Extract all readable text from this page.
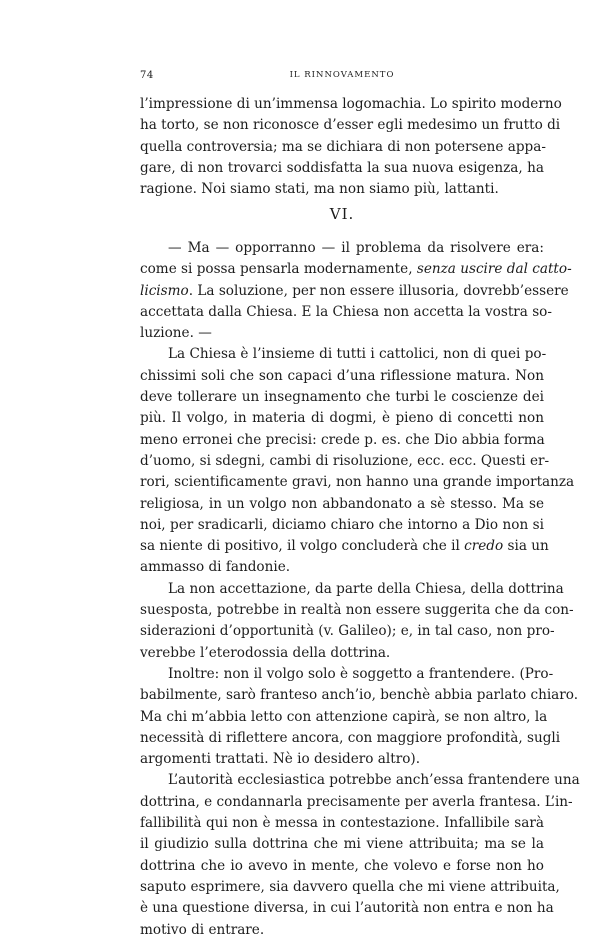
74	IL RINNOVAMENTO
l’impressione di un’immensa logomachia. Lo spirito moderno
ha torto, se non riconosce d’esser egli medesimo un frutto di
quella controversia; ma se dichiara di non potersene appa-
gare, di non trovarci soddisfatta la sua nuova esigenza, ha
ragione. Noi siamo stati, ma non siamo più, lattanti.
VI.
— Ma — opporranno — il problema da risolvere era:
come si possa pensarla modernamente, senza uscire dal catto-
licismo. La soluzione, per non essere illusoria, dovrebb’essere
accettata dalla Chiesa. E la Chiesa non accetta la vostra so-
luzione. —
La Chiesa è l’insieme di tutti i cattolici, non di quei po-
chissimi soli che son capaci d’una riflessione matura. Non
deve tollerare un insegnamento che turbi le coscienze dei
più. Il volgo, in materia di dogmi, è pieno di concetti non
meno erronei che precisi: crede p. es. che Dio abbia forma
d’uomo, si sdegni, cambi di risoluzione, ecc. ecc. Questi er-
rori, scientificamente gravi, non hanno una grande importanza
religiosa, in un volgo non abbandonato a sè stesso. Ma se
noi, per sradicarli, diciamo chiaro che intorno a Dio non si
sa niente di positivo, il volgo concluderà che il credo sia un
ammasso di fandonie.
La non accettazione, da parte della Chiesa, della dottrina
suesposta, potrebbe in realtà non essere suggerita che da con-
siderazioni d’opportunità (v. Galileo); e, in tal caso, non pro-
verebbe l’eterodossia della dottrina.
Inoltre: non il volgo solo è soggetto a frantendere. (Pro-
babilmente, sarò franteso anch’io, benchè abbia parlato chiaro.
Ma chi m’abbia letto con attenzione capirà, se non altro, la
necessità di riflettere ancora, con maggiore profondità, sugli
argomenti trattati. Nè io desidero altro).
L’autorità ecclesiastica potrebbe anch’essa frantendere una
dottrina, e condannarla precisamente per averla frantesa. L’in-
fallibilità qui non è messa in contestazione. Infallibile sarà
il giudizio sulla dottrina che mi viene attribuita; ma se la
dottrina che io avevo in mente, che volevo e forse non ho
saputo esprimere, sia davvero quella che mi viene attribuita,
è una questione diversa, in cui l’autorità non entra e non ha
motivo di entrare.
